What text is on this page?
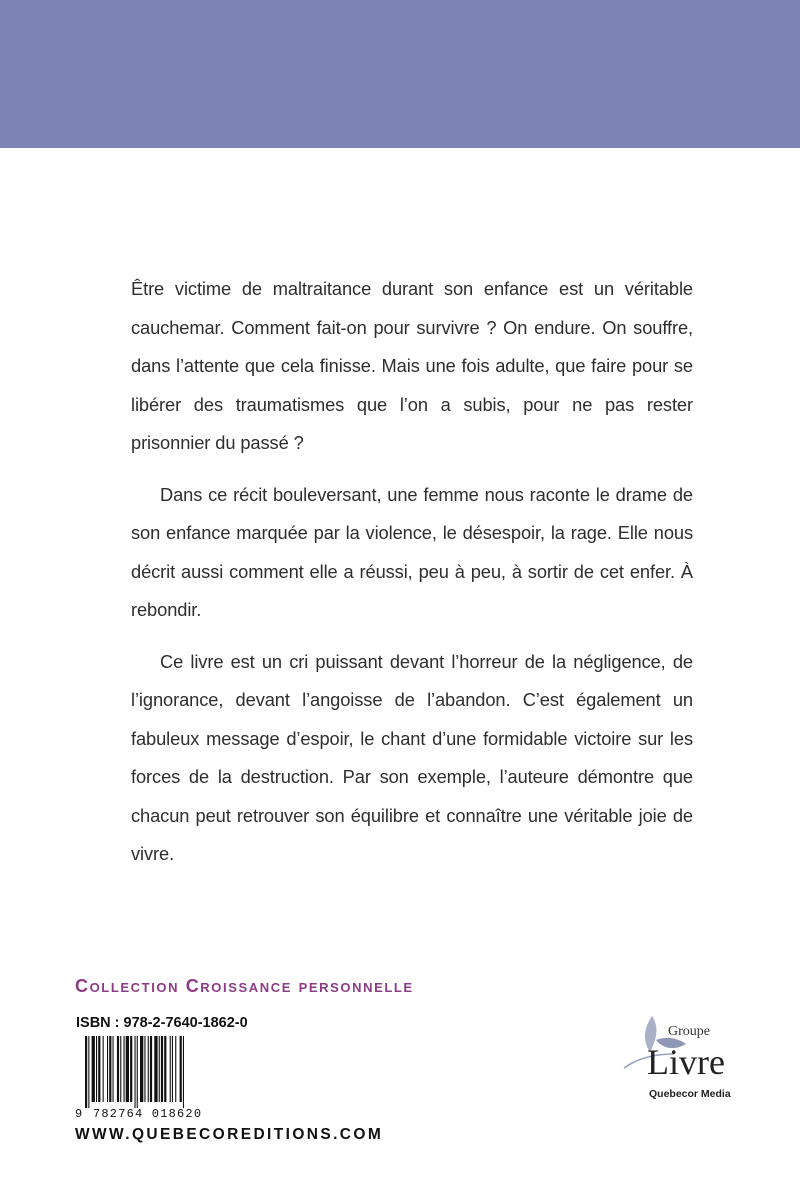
Être victime de maltraitance durant son enfance est un véritable cauchemar. Comment fait-on pour survivre ? On endure. On souffre, dans l’attente que cela finisse. Mais une fois adulte, que faire pour se libérer des traumatismes que l’on a subis, pour ne pas rester prisonnier du passé ?

Dans ce récit bouleversant, une femme nous raconte le drame de son enfance marquée par la violence, le désespoir, la rage. Elle nous décrit aussi comment elle a réussi, peu à peu, à sortir de cet enfer. À rebondir.

Ce livre est un cri puissant devant l’horreur de la négligence, de l’ignorance, devant l’angoisse de l’abandon. C’est également un fabuleux message d’espoir, le chant d’une formidable victoire sur les forces de la destruction. Par son exemple, l’auteure démontre que chacun peut retrouver son équilibre et connaître une véritable joie de vivre.

Collection Croissance personnelle
ISBN : 978-2-7640-1862-0
9 782764 018620
WWW.QUEBECOREDITIONS.COM
Groupe
Livre
Quebecor Media
